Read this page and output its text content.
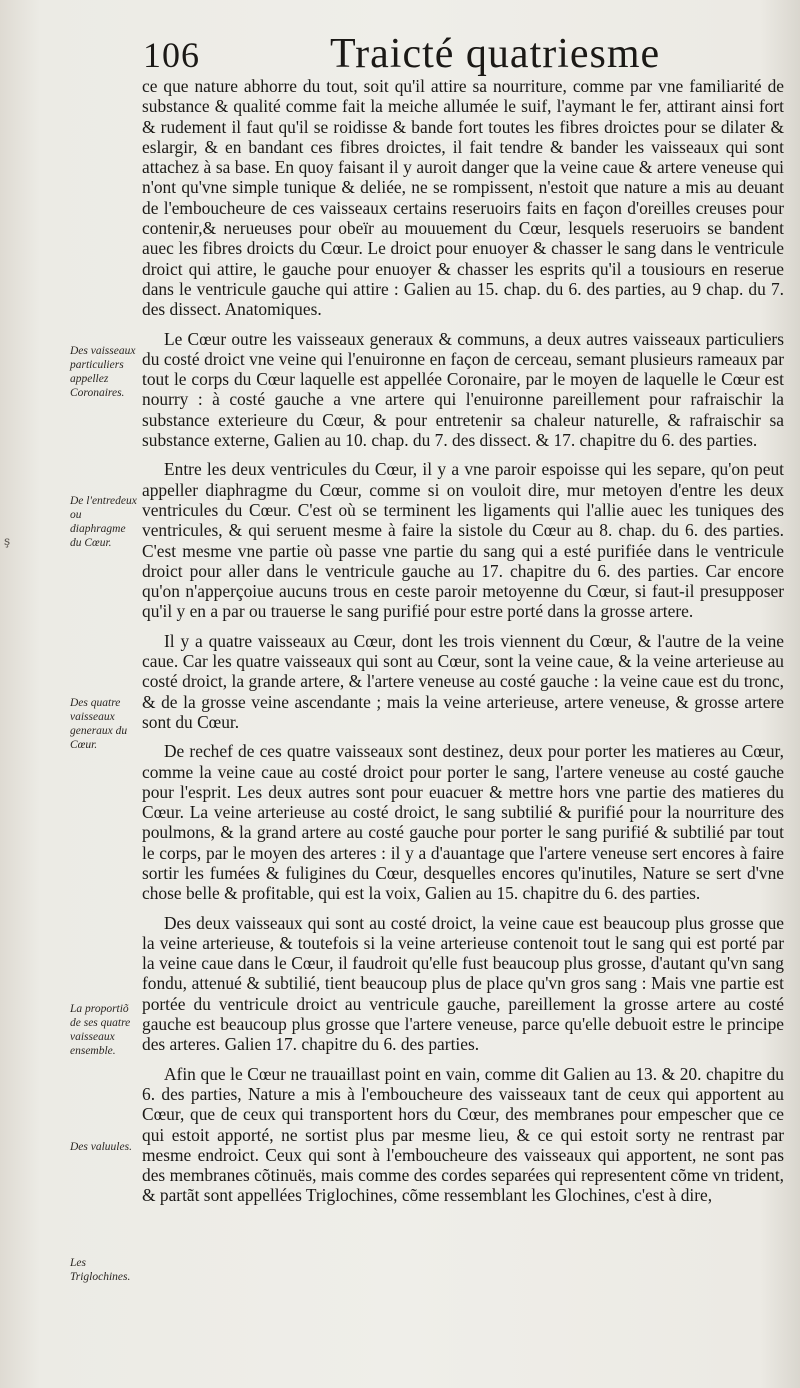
106	Traicté quatriesme

ce que nature abhorre du tout, soit qu'il attire sa nourriture, comme par vne familiarité de substance & qualité comme fait la meiche allumée le suif, l'aymant le fer, attirant ainsi fort & rudement il faut qu'il se roidisse & bande fort toutes les fibres droictes pour se dilater & eslargir, & en bandant ces fibres droictes, il fait tendre & bander les vaisseaux qui sont attachez à sa base. En quoy faisant il y auroit danger que la veine caue & artere veneuse qui n'ont qu'vne simple tunique & deliée, ne se rompissent, n'estoit que nature a mis au deuant de l'emboucheure de ces vaisseaux certains reseruoirs faits en façon d'oreilles creuses pour contenir,& nerueuses pour obeïr au mouuement du Cœur, lesquels reseruoirs se bandent auec les fibres droicts du Cœur. Le droict pour enuoyer & chasser le sang dans le ventricule droict qui attire, le gauche pour enuoyer & chasser les esprits qu'il a tousiours en reserue dans le ventricule gauche qui attire : Galien au 15. chap. du 6. des parties, au 9 chap. du 7. des dissect. Anatomiques.

Le Cœur outre les vaisseaux generaux & communs, a deux autres vaisseaux particuliers du costé droict vne veine qui l'enuironne en façon de cerceau, semant plusieurs rameaux par tout le corps du Cœur laquelle est appellée Coronaire, par le moyen de laquelle le Cœur est nourry : à costé gauche a vne artere qui l'enuironne pareillement pour rafraischir la substance exterieure du Cœur, & pour entretenir sa chaleur naturelle, & rafraischir sa substance externe, Galien au 10. chap. du 7. des dissect. & 17. chapitre du 6. des parties.

Entre les deux ventricules du Cœur, il y a vne paroir espoisse qui les separe, qu'on peut appeller diaphragme du Cœur, comme si on vouloit dire, mur metoyen d'entre les deux ventricules du Cœur. C'est où se terminent les ligaments qui l'allie auec les tuniques des ventricules, & qui seruent mesme à faire la sistole du Cœur au 8. chap. du 6. des parties. C'est mesme vne partie où passe vne partie du sang qui a esté purifiée dans le ventricule droict pour aller dans le ventricule gauche au 17. chapitre du 6. des parties. Car encore qu'on n'apperçoiue aucuns trous en ceste paroir metoyenne du Cœur, si faut-il presupposer qu'il y en a par ou trauerse le sang purifié pour estre porté dans la grosse artere.

Il y a quatre vaisseaux au Cœur, dont les trois viennent du Cœur, & l'autre de la veine caue. Car les quatre vaisseaux qui sont au Cœur, sont la veine caue, & la veine arterieuse au costé droict, la grande artere, & l'artere veneuse au costé gauche : la veine caue est du tronc, & de la grosse veine ascendante ; mais la veine arterieuse, artere veneuse, & grosse artere sont du Cœur.

De rechef de ces quatre vaisseaux sont destinez, deux pour porter les matieres au Cœur, comme la veine caue au costé droict pour porter le sang, l'artere veneuse au costé gauche pour l'esprit. Les deux autres sont pour euacuer & mettre hors vne partie des matieres du Cœur. La veine arterieuse au costé droict, le sang subtilié & purifié pour la nourriture des poulmons, & la grand artere au costé gauche pour porter le sang purifié & subtilié par tout le corps, par le moyen des arteres : il y a d'auantage que l'artere veneuse sert encores à faire sortir les fumées & fuligines du Cœur, desquelles encores qu'inutiles, Nature se sert d'vne chose belle & profitable, qui est la voix, Galien au 15. chapitre du 6. des parties.

Des deux vaisseaux qui sont au costé droict, la veine caue est beaucoup plus grosse que la veine arterieuse, & toutefois si la veine arterieuse contenoit tout le sang qui est porté par la veine caue dans le Cœur, il faudroit qu'elle fust beaucoup plus grosse, d'autant qu'vn sang fondu, attenué & subtilié, tient beaucoup plus de place qu'vn gros sang : Mais vne partie est portée du ventricule droict au ventricule gauche, pareillement la grosse artere au costé gauche est beaucoup plus grosse que l'artere veneuse, parce qu'elle debuoit estre le principe des arteres. Galien 17. chapitre du 6. des parties.

Afin que le Cœur ne trauaillast point en vain, comme dit Galien au 13. & 20. chapitre du 6. des parties, Nature a mis à l'emboucheure des vaisseaux tant de ceux qui apportent au Cœur, que de ceux qui transportent hors du Cœur, des membranes pour empescher que ce qui estoit apporté, ne sortist plus par mesme lieu, & ce qui estoit sorty ne rentrast par mesme endroict. Ceux qui sont à l'emboucheure des vaisseaux qui apportent, ne sont pas des membranes cõtinuës, mais comme des cordes separées qui representent cõme vn trident, & partãt sont appellées Triglochines, cõme ressemblant les Glochines, c'est à dire,

Des vaisseaux particuliers appellez Coronaires.
De l'entredeux ou diaphragme du Cœur.
Des quatre vaisseaux generaux du Cœur.
La proportiõ de ses quatre vaisseaux ensemble.
Des valuules.
Les Triglochines.
ş
